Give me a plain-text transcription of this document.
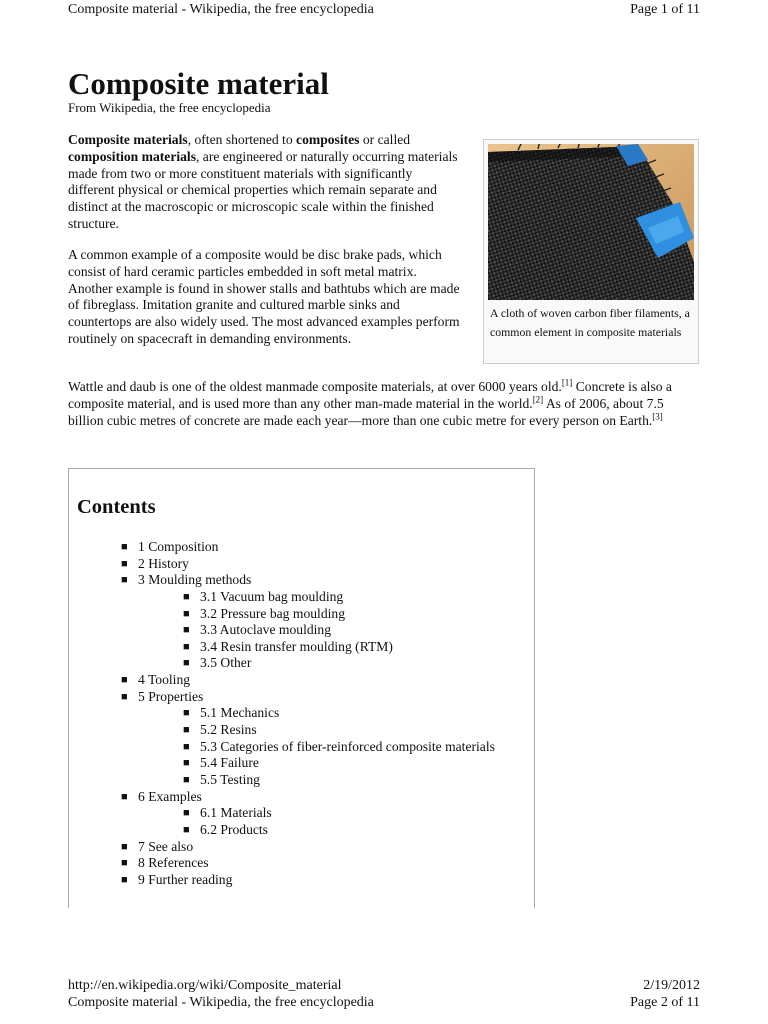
Composite material - Wikipedia, the free encyclopedia	Page 1 of 11
Composite material
From Wikipedia, the free encyclopedia

Composite materials, often shortened to composites or called composition materials, are engineered or naturally occurring materials made from two or more constituent materials with significantly different physical or chemical properties which remain separate and distinct at the macroscopic or microscopic scale within the finished structure.

A common example of a composite would be disc brake pads, which consist of hard ceramic particles embedded in soft metal matrix. Another example is found in shower stalls and bathtubs which are made of fibreglass. Imitation granite and cultured marble sinks and countertops are also widely used. The most advanced examples perform routinely on spacecraft in demanding environments.

A cloth of woven carbon fiber filaments, a common element in composite materials

Wattle and daub is one of the oldest manmade composite materials, at over 6000 years old.[1] Concrete is also a composite material, and is used more than any other man-made material in the world.[2] As of 2006, about 7.5 billion cubic metres of concrete are made each year—more than one cubic metre for every person on Earth.[3]

Contents
■ 1 Composition
■ 2 History
■ 3 Moulding methods
■ 3.1 Vacuum bag moulding
■ 3.2 Pressure bag moulding
■ 3.3 Autoclave moulding
■ 3.4 Resin transfer moulding (RTM)
■ 3.5 Other
■ 4 Tooling
■ 5 Properties
■ 5.1 Mechanics
■ 5.2 Resins
■ 5.3 Categories of fiber-reinforced composite materials
■ 5.4 Failure
■ 5.5 Testing
■ 6 Examples
■ 6.1 Materials
■ 6.2 Products
■ 7 See also
■ 8 References
■ 9 Further reading
http://en.wikipedia.org/wiki/Composite_material	2/19/2012
Composite material - Wikipedia, the free encyclopedia	Page 2 of 11
